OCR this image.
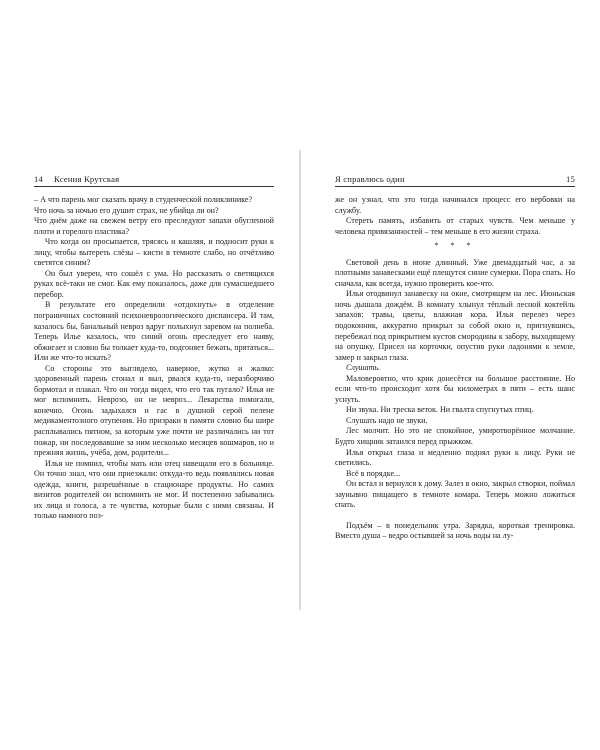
14 Ксения Крутская

– А что парень мог сказать врачу в студенческой поликлинике?

Что ночь за ночью его душит страх, не убийца ли он?

Что днём даже на свежем ветру его преследуют запахи обугленной плоти и горелого пластика?

Что когда он просыпается, трясясь и кашляя, и подносит руки к лицу, чтобы вытереть слёзы – кисти в темноте слабо, но отчётливо светятся синим?

Он был уверен, что сошёл с ума. Но рассказать о светящихся руках всё-таки не смог. Как ему показалось, даже для сумасшедшего перебор.

В результате его определили «отдохнуть» в отделение пограничных состояний психоневрологического диспансера. И там, казалось бы, банальный невроз вдруг полыхнул заревом на полнеба. Теперь Илье казалось, что синий огонь преследует его наяву, обжигает и словно бы толкает куда-то, подгоняет бежать, прятаться... Или же что-то искать?

Со стороны это выглядело, наверное, жутко и жалко: здоровенный парень стонал и выл, рвался куда-то, неразборчиво бормотал и плакал. Что он тогда видел, что его так пугало? Илья не мог вспомнить. Неврозо, он не невроз... Лекарства помогали, конечно. Огонь задыхался и гас в душной серой пелене медикаментозного отупения. Но призраки в памяти словно бы шире расплывались пятном, за которым уже почти не различались ни тот пожар, ни последовавшие за ним несколько месяцев кошмаров, но и прежняя жизнь, учёба, дом, родители...

Илья не помнил, чтобы мать или отец навещали его в больнице. Он точно знал, что они приезжали: откуда-то ведь появлялись новая одежда, книги, разрешённые в стационаре продукты. Но самих визитов родителей он вспомнить не мог. И постепенно забывались их лица и голоса, а те чувства, которые были с ними связаны. И только намного поз-

Я справлюсь один	15

же он узнал, что это тогда начинался процесс его вербовки на службу.

Стереть память, избавить от старых чувств. Чем меньше у человека привязанностей – тем меньше в его жизни страха.

* * *

Световой день в июне длинный. Уже двенадцатый час, а за плотными занавесками ещё плещутся синие сумерки. Пора спать. Но сначала, как всегда, нужно проверить кое-что.

Илья отодвинул занавеску на окне, смотрящем на лес. Июньская ночь дышала дождём. В комнату хлынул тёплый лесной коктейль запахов: травы, цветы, влажная кора. Илья перелез через подоконник, аккуратно прикрыл за собой окно и, пригнувшись, перебежал под прикрытием кустов смородины к забору, выходящему на опушку. Присел на корточки, опустив руки ладонями к земле, замер и закрыл глаза.

Слушать.

Маловероятно, что крик донесётся на большое расстояние. Но если что-то происходит хотя бы километрах в пяти – есть шанс уснуть.

Ни звука. Ни треска веток. Ни гвалта спугнутых птиц.

Слушать надо не звуки.

Лес молчит. Но это не спокойное, умиротворённое молчание. Будто хищник затаился перед прыжком.

Илья открыл глаза и медленно поднял руки к лицу. Руки не светились.

Всё в порядке...

Он встал и вернулся к дому. Залез в окно, закрыл створки, поймал заунывно пищащего в темноте комара. Теперь можно ложиться спать.

Подъём – в понедельник утра. Зарядка, короткая тренировка. Вместо душа – ведро остывшей за ночь воды на лу-
